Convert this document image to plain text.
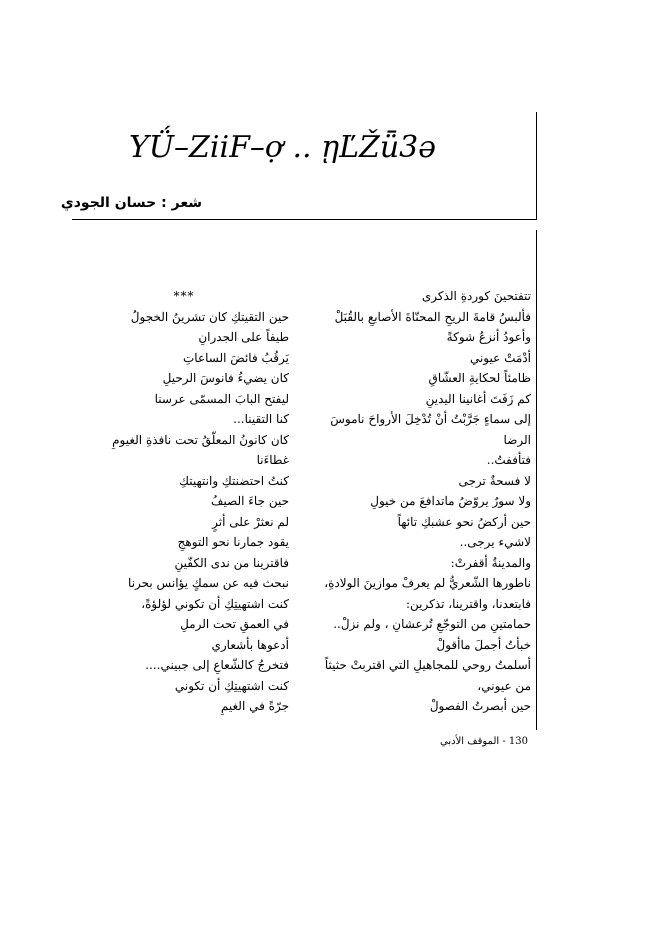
YǗ–ZiiF–ợ .. ῃĽŽǖ3ǝ
شعر : حسان الجودي
تتفتحينَ كوردةِ الذكرى
فألبسُ قامةَ الريحِ المحنّاةَ الأصابعِ بالقُبَلْ
وأعودُ أنزعُ شوكةً
أدْمَتْ عيوني
ظامئاً لحكايةِ العشّاقِ
كم زَفَتَ أغانينا اليدينِ
إلى سماءٍ جَرَّبْتُ أنْ تُدْخِلَ الأرواحَ ناموسَ
الرضا
فتأففتُ..
لا فسحةٌ ترجى
ولا سورٌ يروّضُ ماتدافعَ من خيولِ
حين أركضُ نحو عشبكِ تائهاً
لاشيء يرجى..
والمدينةُ أقفرتْ:
ناطورها الشّعريُّ لم يعرفْ موازينَ الولادةِ،
فابتعدنا، واقترينا، تذكرين:
حمامتينِ من التوجّعِ تُرعشانِ ، ولم نزلْ..
خبأتُ أجملَ ماأقولْ
أسلمتُ روحي للمجاهيلِ التي اقتربتْ حثيثاً
من عيوني،
حين أبصرتُ الفصولْ
***
حين التقيتكِ كان تشرينُ الخجولُ
طيفاً على الجدرانِ
يَرقُبُ فائضَ الساعاتِ
كان يضيءُ فانوسَ الرحيلِ
ليفتح البابَ المسمّى عرسنا
كنا التقينا...
كان كانونُ المعلّقُ تحت نافذةِ الغيومِ
غطاءَنا
كنتُ احتضنتكِ وانتهيتكِ
حين جاءَ الصيفُ
لم نعثرْ على أثرٍ
يقود جمارنا نحو التوهجِ
فاقترينا من ندى الكفّينِ
نبحث فيه عن سمكٍ يؤانس بحرنا
كنت اشتهيتِكِ أن تكوني لؤلؤةً،
في العمقِ تحت الرملِ
أدعوها بأشعاري
فتخرجُ كالشّعاعِ إلى جبيني....
كنت اشتهيتِكِ أن تكوني
جرّةً في الغيمِ
130 - الموقف الأدبي
